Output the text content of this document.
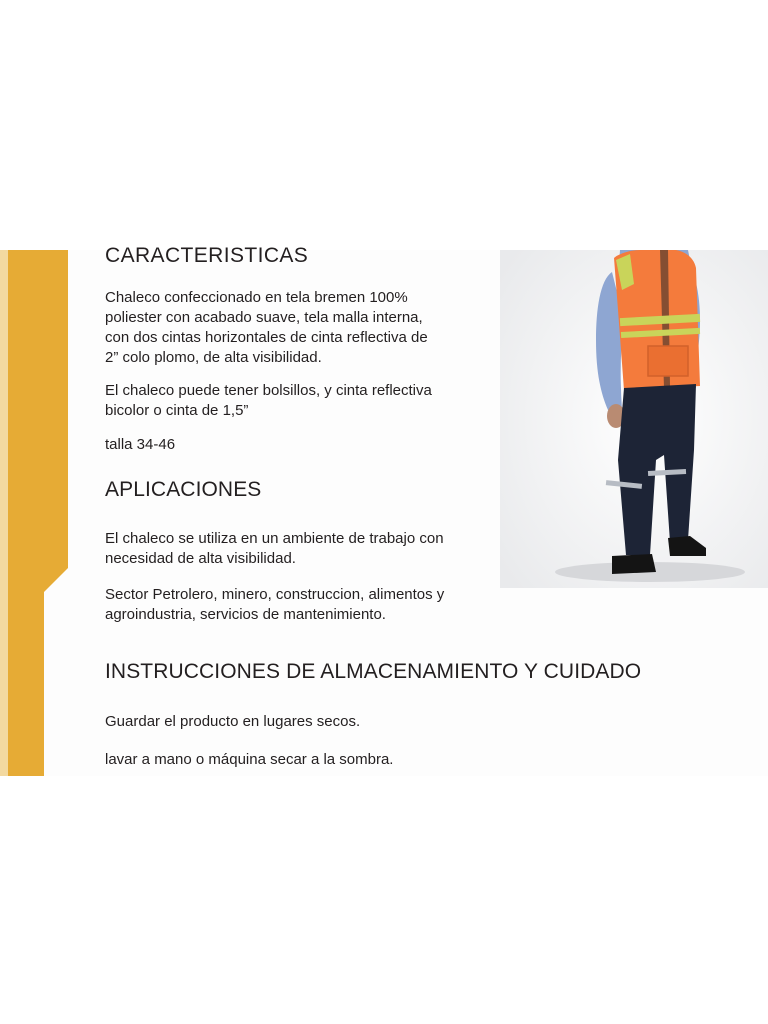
CARACTERISTICAS

Chaleco confeccionado en tela bremen 100%
poliester con acabado suave, tela malla interna,
con dos cintas horizontales de cinta reflectiva de
2” colo plomo, de alta visibilidad.

El chaleco puede tener bolsillos, y cinta reflectiva
bicolor o cinta de 1,5”

talla 34-46

APLICACIONES

El chaleco se utiliza en un ambiente de trabajo con
necesidad de alta visibilidad.

Sector Petrolero, minero, construccion, alimentos y
agroindustria, servicios de mantenimiento.

INSTRUCCIONES DE ALMACENAMIENTO Y CUIDADO

Guardar el producto en lugares secos.

lavar a mano o máquina secar a la sombra.
